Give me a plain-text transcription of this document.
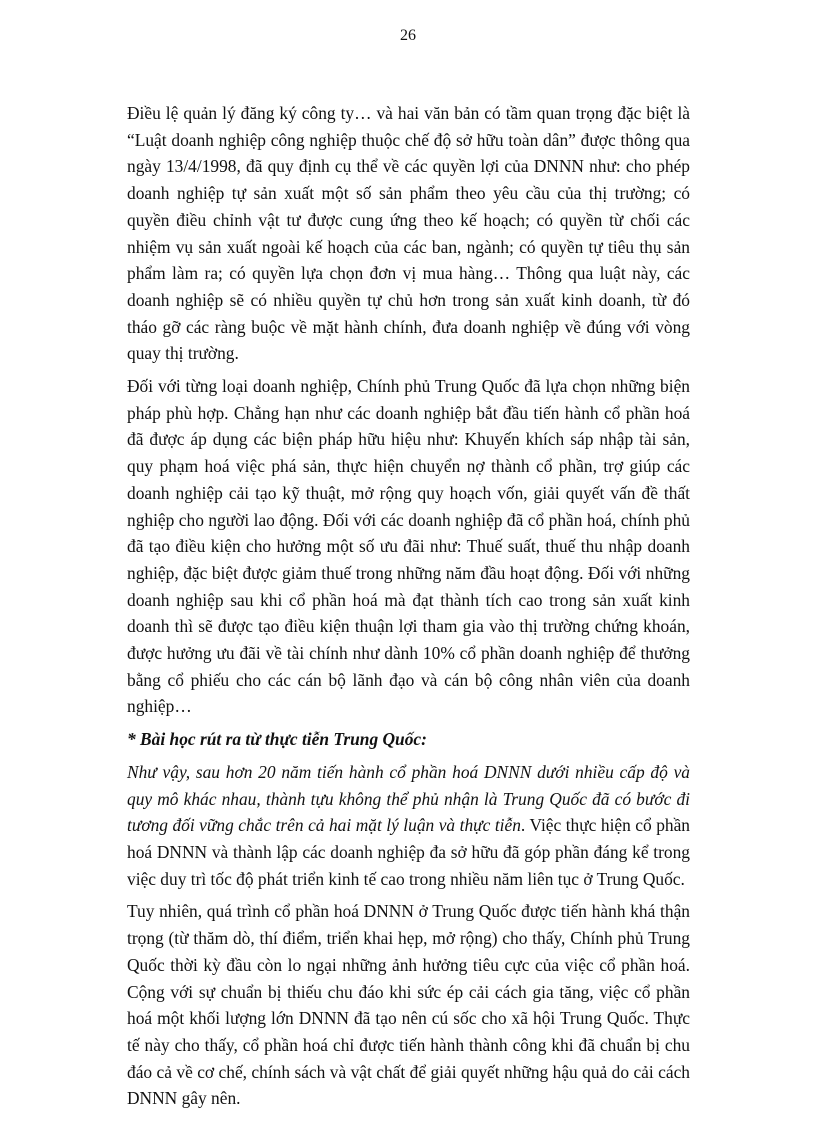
26

Điều lệ quản lý đăng ký công ty… và hai văn bản có tầm quan trọng đặc biệt là “Luật doanh nghiệp công nghiệp thuộc chế độ sở hữu toàn dân” được thông qua ngày 13/4/1998, đã quy định cụ thể về các quyền lợi của DNNN như: cho phép doanh nghiệp tự sản xuất một số sản phẩm theo yêu cầu của thị trường; có quyền điều chỉnh vật tư được cung ứng theo kế hoạch; có quyền từ chối các nhiệm vụ sản xuất ngoài kế hoạch của các ban, ngành; có quyền tự tiêu thụ sản phẩm làm ra; có quyền lựa chọn đơn vị mua hàng… Thông qua luật này, các doanh nghiệp sẽ có nhiều quyền tự chủ hơn trong sản xuất kinh doanh, từ đó tháo gỡ các ràng buộc về mặt hành chính, đưa doanh nghiệp về đúng với vòng quay thị trường.

Đối với từng loại doanh nghiệp, Chính phủ Trung Quốc đã lựa chọn những biện pháp phù hợp. Chẳng hạn như các doanh nghiệp bắt đầu tiến hành cổ phần hoá đã được áp dụng các biện pháp hữu hiệu như: Khuyến khích sáp nhập tài sản, quy phạm hoá việc phá sản, thực hiện chuyển nợ thành cổ phần, trợ giúp các doanh nghiệp cải tạo kỹ thuật, mở rộng quy hoạch vốn, giải quyết vấn đề thất nghiệp cho người lao động. Đối với các doanh nghiệp đã cổ phần hoá, chính phủ đã tạo điều kiện cho hưởng một số ưu đãi như: Thuế suất, thuế thu nhập doanh nghiệp, đặc biệt được giảm thuế trong những năm đầu hoạt động. Đối với những doanh nghiệp sau khi cổ phần hoá mà đạt thành tích cao trong sản xuất kinh doanh thì sẽ được tạo điều kiện thuận lợi tham gia vào thị trường chứng khoán, được hưởng ưu đãi về tài chính như dành 10% cổ phần doanh nghiệp để thưởng bằng cổ phiếu cho các cán bộ lãnh đạo và cán bộ công nhân viên của doanh nghiệp…

* Bài học rút ra từ thực tiễn Trung Quốc:

Như vậy, sau hơn 20 năm tiến hành cổ phần hoá DNNN dưới nhiều cấp độ và quy mô khác nhau, thành tựu không thể phủ nhận là Trung Quốc đã có bước đi tương đối vững chắc trên cả hai mặt lý luận và thực tiễn. Việc thực hiện cổ phần hoá DNNN và thành lập các doanh nghiệp đa sở hữu đã góp phần đáng kể trong việc duy trì tốc độ phát triển kinh tế cao trong nhiều năm liên tục ở Trung Quốc.

Tuy nhiên, quá trình cổ phần hoá DNNN ở Trung Quốc được tiến hành khá thận trọng (từ thăm dò, thí điểm, triển khai hẹp, mở rộng) cho thấy, Chính phủ Trung Quốc thời kỳ đầu còn lo ngại những ảnh hưởng tiêu cực của việc cổ phần hoá. Cộng với sự chuẩn bị thiếu chu đáo khi sức ép cải cách gia tăng, việc cổ phần hoá một khối lượng lớn DNNN đã tạo nên cú sốc cho xã hội Trung Quốc. Thực tế này cho thấy, cổ phần hoá chỉ được tiến hành thành công khi đã chuẩn bị chu đáo cả về cơ chế, chính sách và vật chất để giải quyết những hậu quả do cải cách DNNN gây nên.
